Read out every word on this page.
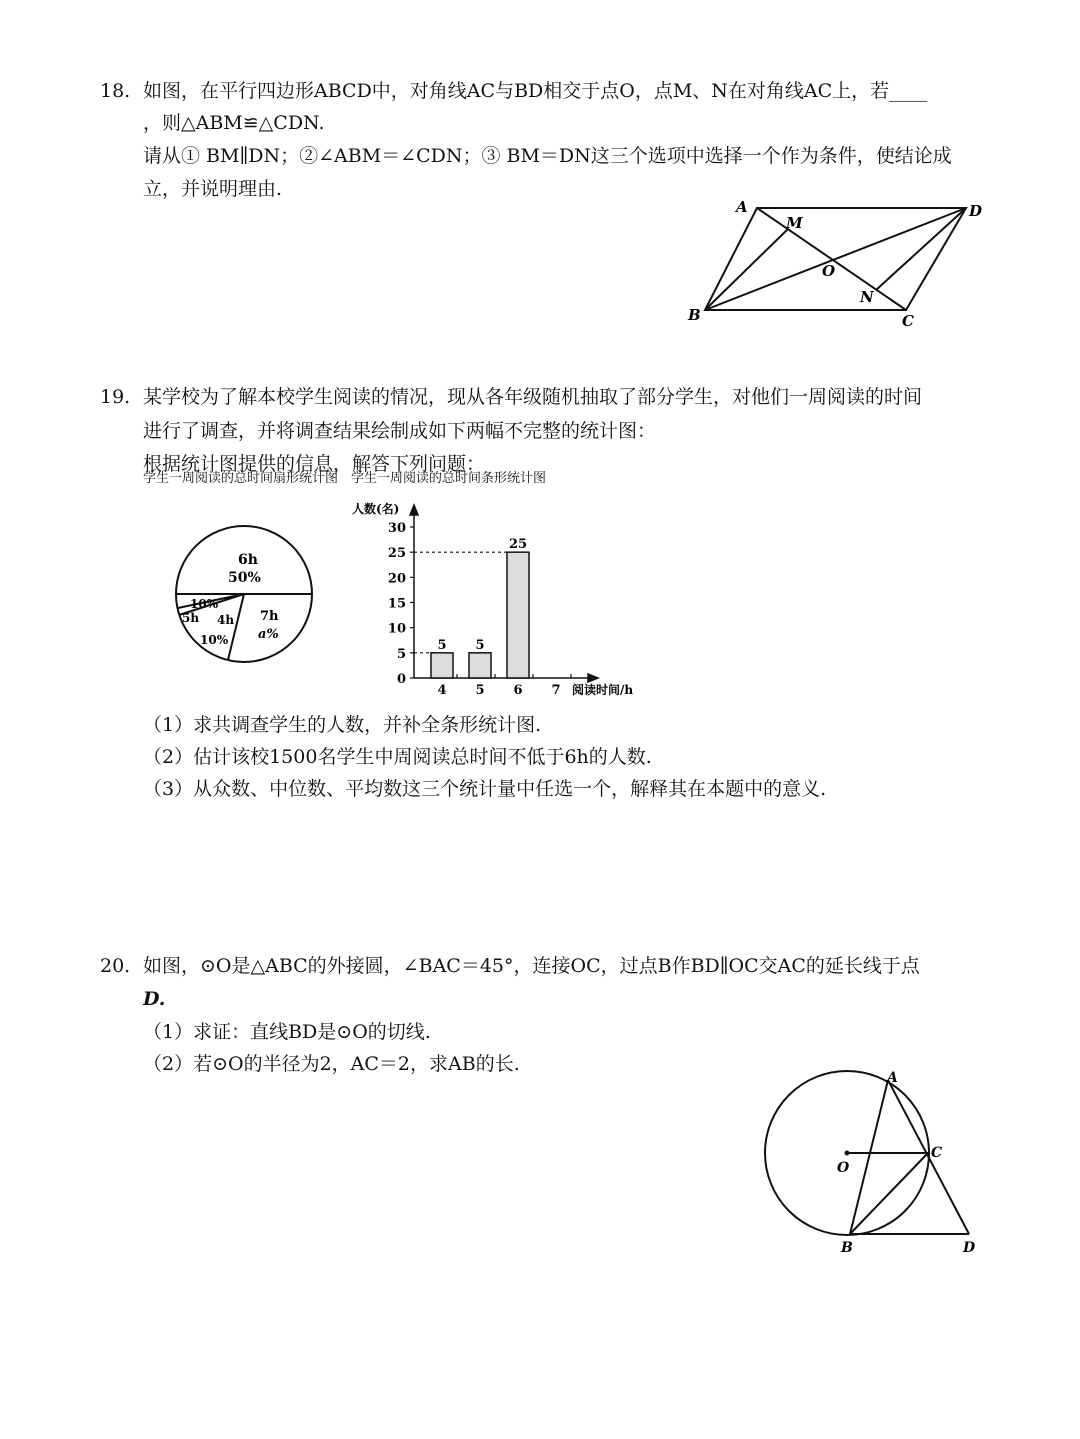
18. 如图，在平行四边形ABCD中，对角线AC与BD相交于点O，点M、N在对角线AC上，若____
，则△ABM≌△CDN.
请从① BM∥DN；②∠ABM＝∠CDN；③ BM＝DN这三个选项中选择一个作为条件，使结论成
立，并说明理由.
A	D
B	C
M
N
O
19. 某学校为了解本校学生阅读的情况，现从各年级随机抽取了部分学生，对他们一周阅读的时间
进行了调查，并将调查结果绘制成如下两幅不完整的统计图：
根据统计图提供的信息，解答下列问题：
学生一周阅读的总时间扇形统计图　学生一周阅读的总时间条形统计图
6h
50%
10%
5h 4h
10%
7h
a%
人数(名)
阅读时间/h
0
5
10
15
20
25
30
4
5
5
5
6
25
7
（1）求共调查学生的人数，并补全条形统计图.
（2）估计该校1500名学生中周阅读总时间不低于6h的人数.
（3）从众数、中位数、平均数这三个统计量中任选一个，解释其在本题中的意义.
20. 如图，⊙O是△ABC的外接圆，∠BAC＝45°，连接OC，过点B作BD∥OC交AC的延长线于点
D.
（1）求证：直线BD是⊙O的切线.
（2）若⊙O的半径为2，AC＝2，求AB的长.
A
C
O
B	D
